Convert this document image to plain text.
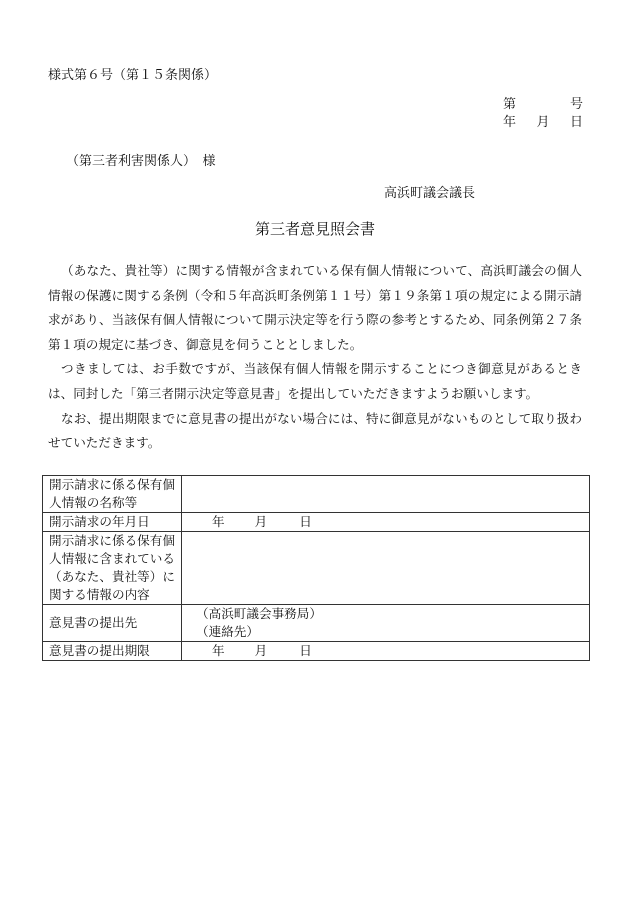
様式第６号（第１５条関係）
第	号
年 月 日
（第三者利害関係人）　様
高浜町議会議長
第三者意見照会書

（あなた、貴社等）に関する情報が含まれている保有個人情報について、高浜町議会の個人情報の保護に関する条例（令和５年高浜町条例第１１号）第１９条第１項の規定による開示請求があり、当該保有個人情報について開示決定等を行う際の参考とするため、同条例第２７条第１項の規定に基づき、御意見を伺うこととしました。

つきましては、お手数ですが、当該保有個人情報を開示することにつき御意見があるときは、同封した「第三者開示決定等意見書」を提出していただきますようお願いします。

なお、提出期限までに意見書の提出がない場合には、特に御意見がないものとして取り扱わせていただきます。

開示請求に係る保有個人情報の名称等	
開示請求の年月日	年 月 日
開示請求に係る保有個人情報に含まれている（あなた、貴社等）に関する情報の内容	
意見書の提出先	（高浜町議会事務局）
（連絡先）

意見書の提出期限	年 月 日
